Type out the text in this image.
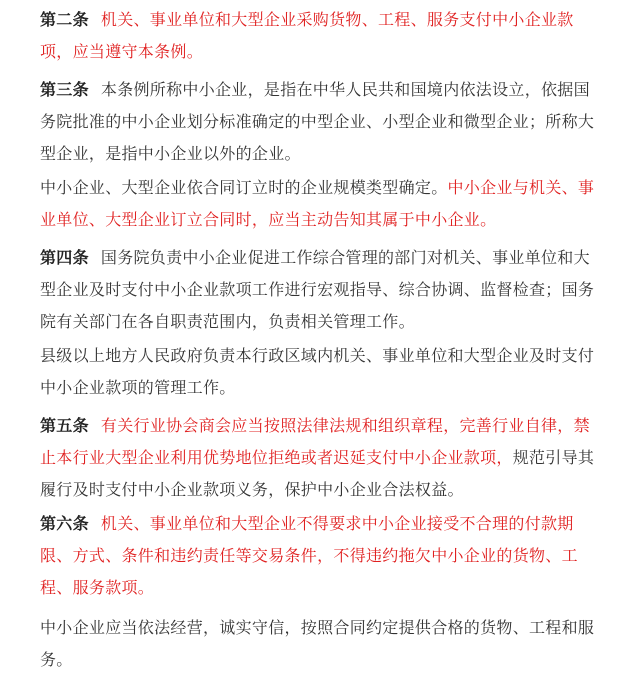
第二条 机关、事业单位和大型企业采购货物、工程、服务支付中小企业款项，应当遵守本条例。

第三条 本条例所称中小企业，是指在中华人民共和国境内依法设立，依据国务院批准的中小企业划分标准确定的中型企业、小型企业和微型企业；所称大型企业，是指中小企业以外的企业。

中小企业、大型企业依合同订立时的企业规模类型确定。中小企业与机关、事业单位、大型企业订立合同时，应当主动告知其属于中小企业。

第四条 国务院负责中小企业促进工作综合管理的部门对机关、事业单位和大型企业及时支付中小企业款项工作进行宏观指导、综合协调、监督检查；国务院有关部门在各自职责范围内，负责相关管理工作。

县级以上地方人民政府负责本行政区域内机关、事业单位和大型企业及时支付中小企业款项的管理工作。

第五条 有关行业协会商会应当按照法律法规和组织章程，完善行业自律，禁止本行业大型企业利用优势地位拒绝或者迟延支付中小企业款项，规范引导其履行及时支付中小企业款项义务，保护中小企业合法权益。

第六条 机关、事业单位和大型企业不得要求中小企业接受不合理的付款期限、方式、条件和违约责任等交易条件，不得违约拖欠中小企业的货物、工程、服务款项。

中小企业应当依法经营，诚实守信，按照合同约定提供合格的货物、工程和服务。
